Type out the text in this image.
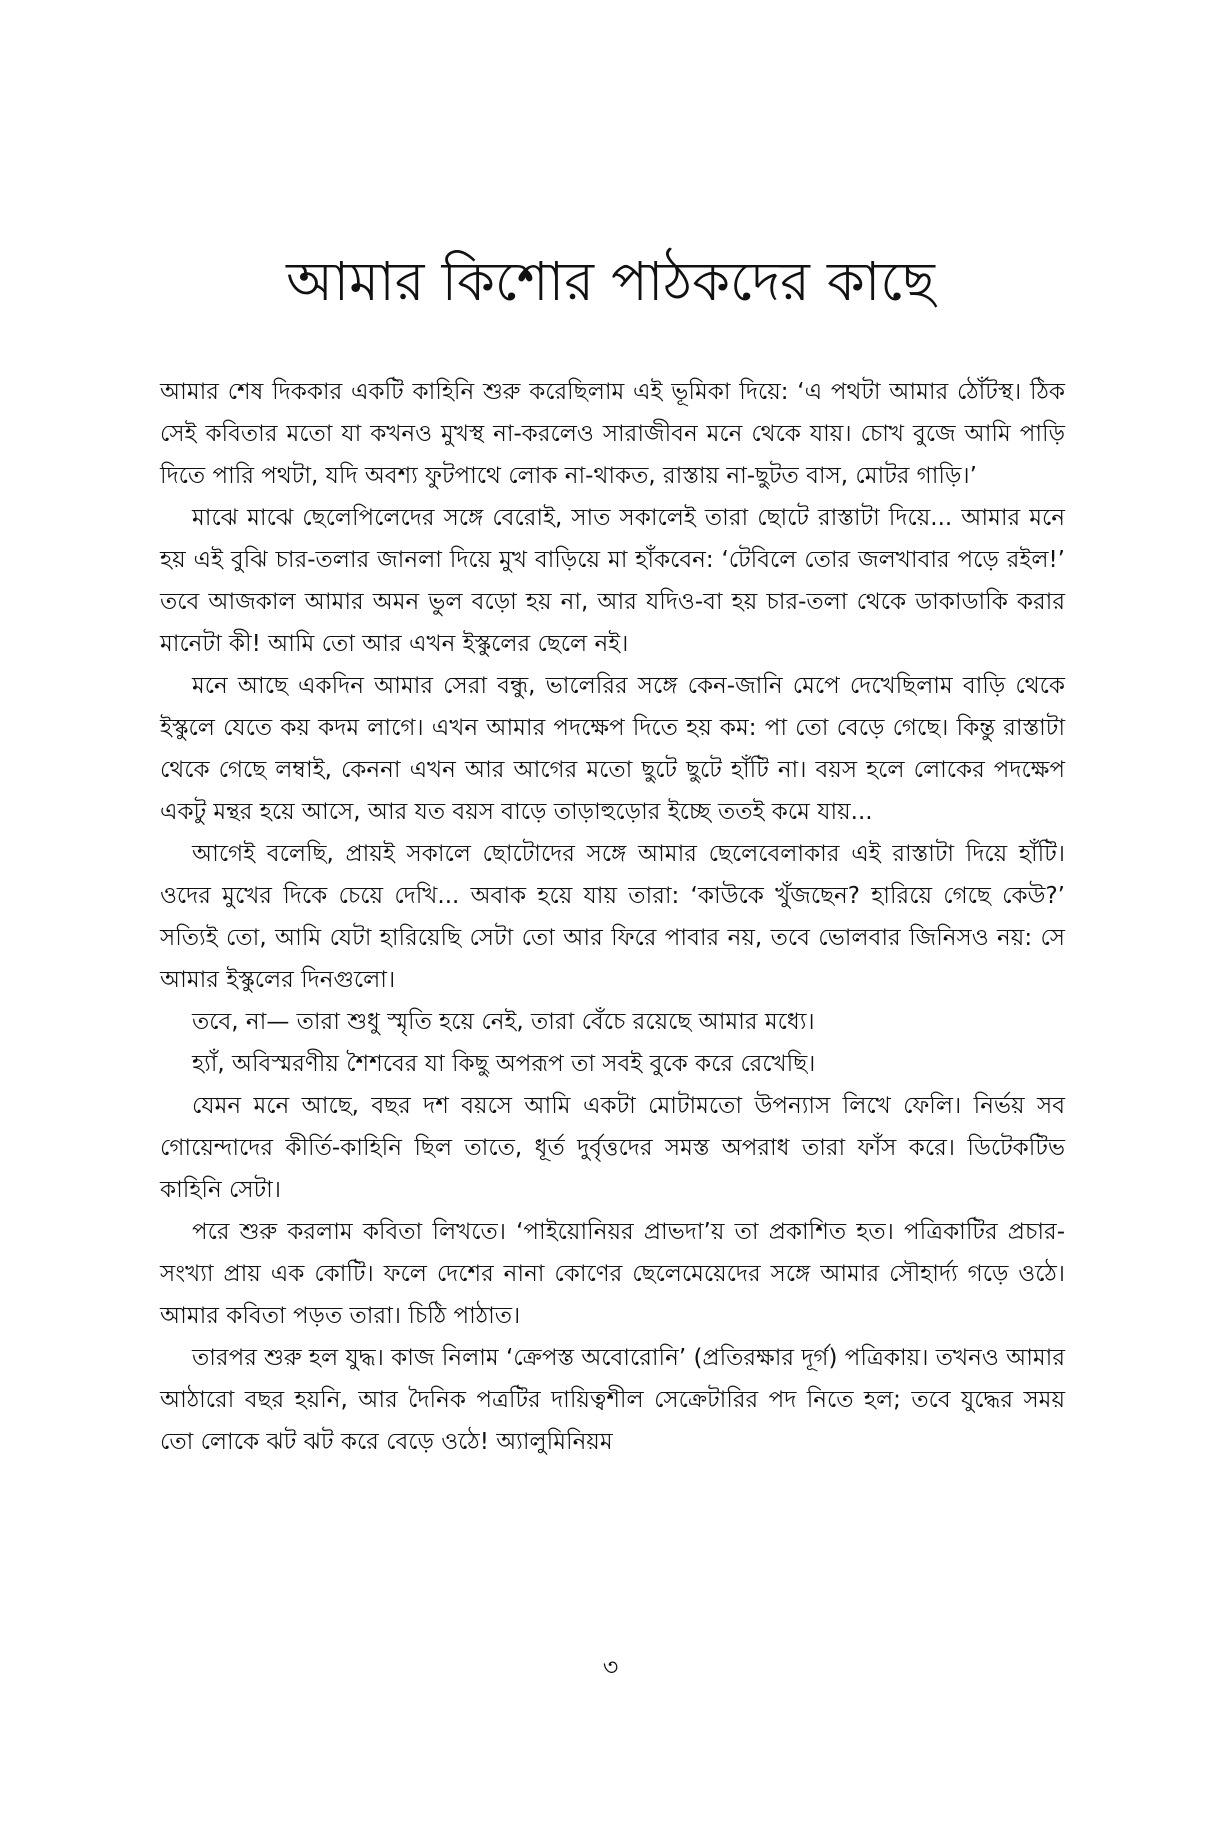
আমার কিশোর পাঠকদের কাছে

আমার শেষ দিককার একটি কাহিনি শুরু করেছিলাম এই ভূমিকা দিয়ে: ‘এ পথটা আমার ঠোঁটস্থ। ঠিক সেই কবিতার মতো যা কখনও মুখস্থ না-করলেও সারাজীবন মনে থেকে যায়। চোখ বুজে আমি পাড়ি দিতে পারি পথটা, যদি অবশ্য ফুটপাথে লোক না-থাকত, রাস্তায় না-ছুটত বাস, মোটর গাড়ি।’

মাঝে মাঝে ছেলেপিলেদের সঙ্গে বেরোই, সাত সকালেই তারা ছোটে রাস্তাটা দিয়ে... আমার মনে হয় এই বুঝি চার-তলার জানলা দিয়ে মুখ বাড়িয়ে মা হাঁকবেন: ‘টেবিলে তোর জলখাবার পড়ে রইল!’ তবে আজকাল আমার অমন ভুল বড়ো হয় না, আর যদিও-বা হয় চার-তলা থেকে ডাকাডাকি করার মানেটা কী! আমি তো আর এখন ইস্কুলের ছেলে নই।

মনে আছে একদিন আমার সেরা বন্ধু, ভালেরির সঙ্গে কেন-জানি মেপে দেখেছিলাম বাড়ি থেকে ইস্কুলে যেতে কয় কদম লাগে। এখন আমার পদক্ষেপ দিতে হয় কম: পা তো বেড়ে গেছে। কিন্তু রাস্তাটা থেকে গেছে লম্বাই, কেননা এখন আর আগের মতো ছুটে ছুটে হাঁটি না। বয়স হলে লোকের পদক্ষেপ একটু মন্থর হয়ে আসে, আর যত বয়স বাড়ে তাড়াহুড়োর ইচ্ছে ততই কমে যায়...

আগেই বলেছি, প্রায়ই সকালে ছোটোদের সঙ্গে আমার ছেলেবেলাকার এই রাস্তাটা দিয়ে হাঁটি। ওদের মুখের দিকে চেয়ে দেখি... অবাক হয়ে যায় তারা: ‘কাউকে খুঁজছেন? হারিয়ে গেছে কেউ?’ সত্যিই তো, আমি যেটা হারিয়েছি সেটা তো আর ফিরে পাবার নয়, তবে ভোলবার জিনিসও নয়: সে আমার ইস্কুলের দিনগুলো।

তবে, না— তারা শুধু স্মৃতি হয়ে নেই, তারা বেঁচে রয়েছে আমার মধ্যে।

হ্যাঁ, অবিস্মরণীয় শৈশবের যা কিছু অপরূপ তা সবই বুকে করে রেখেছি।

যেমন মনে আছে, বছর দশ বয়সে আমি একটা মোটামতো উপন্যাস লিখে ফেলি। নির্ভয় সব গোয়েন্দাদের কীর্তি-কাহিনি ছিল তাতে, ধূর্ত দুর্বৃত্তদের সমস্ত অপরাধ তারা ফাঁস করে। ডিটেকটিভ কাহিনি সেটা।

পরে শুরু করলাম কবিতা লিখতে। ‘পাইয়োনিয়র প্রাভদা’য় তা প্রকাশিত হত। পত্রিকাটির প্রচার-সংখ্যা প্রায় এক কোটি। ফলে দেশের নানা কোণের ছেলেমেয়েদের সঙ্গে আমার সৌহার্দ্য গড়ে ওঠে। আমার কবিতা পড়ত তারা। চিঠি পাঠাত।

তারপর শুরু হল যুদ্ধ। কাজ নিলাম ‘ক্রেপস্ত অবোরোনি’ (প্রতিরক্ষার দূর্গ) পত্রিকায়। তখনও আমার আঠারো বছর হয়নি, আর দৈনিক পত্রটির দায়িত্বশীল সেক্রেটারির পদ নিতে হল; তবে যুদ্ধের সময় তো লোকে ঝট ঝট করে বেড়ে ওঠে! অ্যালুমিনিয়ম

৩
